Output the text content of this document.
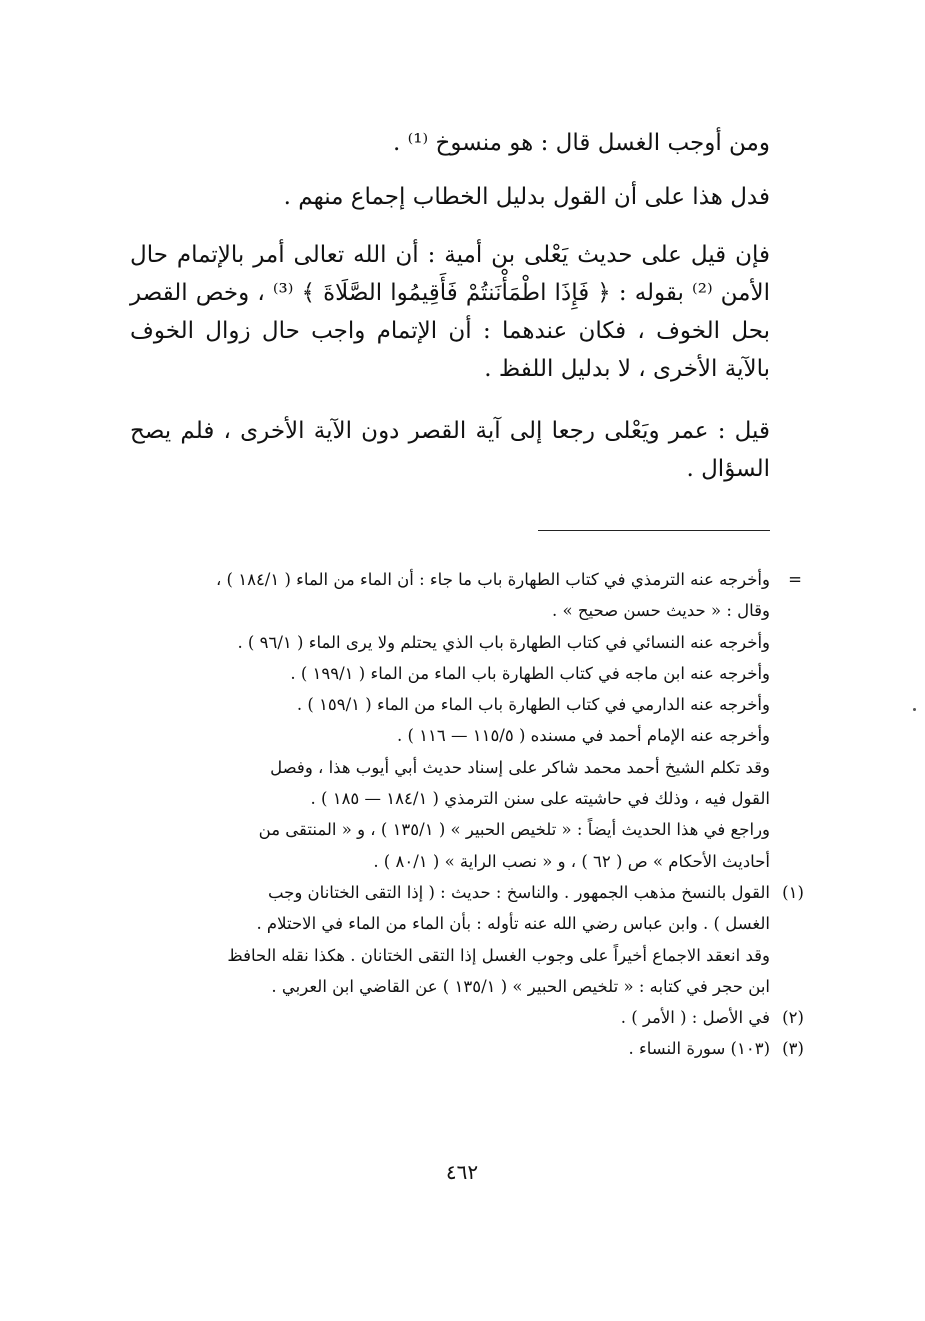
ومن أوجب الغسل قال : هو منسوخ ⁽¹⁾ .

فدل هذا على أن القول بدليل الخطاب إجماع منهم .

فإن قيل على حديث يَعْلى بن أمية : أن الله تعالى أمر بالإتمام حال الأمن ⁽²⁾ بقوله : ﴿ فَإِذَا اطْمَأْنَنتُمْ فَأَقِيمُوا الصَّلَاةَ ﴾ ⁽³⁾ ، وخص القصر بحل الخوف ، فكان عندهما : أن الإتمام واجب حال زوال الخوف بالآية الأخرى ، لا بدليل اللفظ .

قيل : عمر ويَعْلى رجعا إلى آية القصر دون الآية الأخرى ، فلم يصح السؤال .

=
وأخرجه عنه الترمذي في كتاب الطهارة باب ما جاء : أن الماء من الماء ( ١٨٤/١ ) ،
وقال : « حديث حسن صحيح » .
وأخرجه عنه النسائي في كتاب الطهارة باب الذي يحتلم ولا يرى الماء ( ٩٦/١ ) .
وأخرجه عنه ابن ماجه في كتاب الطهارة باب الماء من الماء ( ١٩٩/١ ) .
وأخرجه عنه الدارمي في كتاب الطهارة باب الماء من الماء ( ١٥٩/١ ) .
وأخرجه عنه الإمام أحمد في مسنده ( ١١٥/٥ — ١١٦ ) .
وقد تكلم الشيخ أحمد محمد شاكر على إسناد حديث أبي أيوب هذا ، وفصل
القول فيه ، وذلك في حاشيته على سنن الترمذي ( ١٨٤/١ — ١٨٥ ) .
وراجع في هذا الحديث أيضاً : « تلخيص الحبير » ( ١٣٥/١ ) ، و « المنتقى من
أحاديث الأحكام » ص ( ٦٢ ) ، و « نصب الراية » ( ٨٠/١ ) .
(١)
القول بالنسخ مذهب الجمهور . والناسخ : حديث : ( إذا التقى الختانان وجب
الغسل ) . وابن عباس رضي الله عنه تأوله : بأن الماء من الماء في الاحتلام .
وقد انعقد الاجماع أخيراً على وجوب الغسل إذا التقى الختانان . هكذا نقله الحافظ
ابن حجر في كتابه : « تلخيص الحبير » ( ١٣٥/١ ) عن القاضي ابن العربي .
(٢)
في الأصل : ( الأمر ) .
(٣)
(١٠٣) سورة النساء .
٤٦٢
